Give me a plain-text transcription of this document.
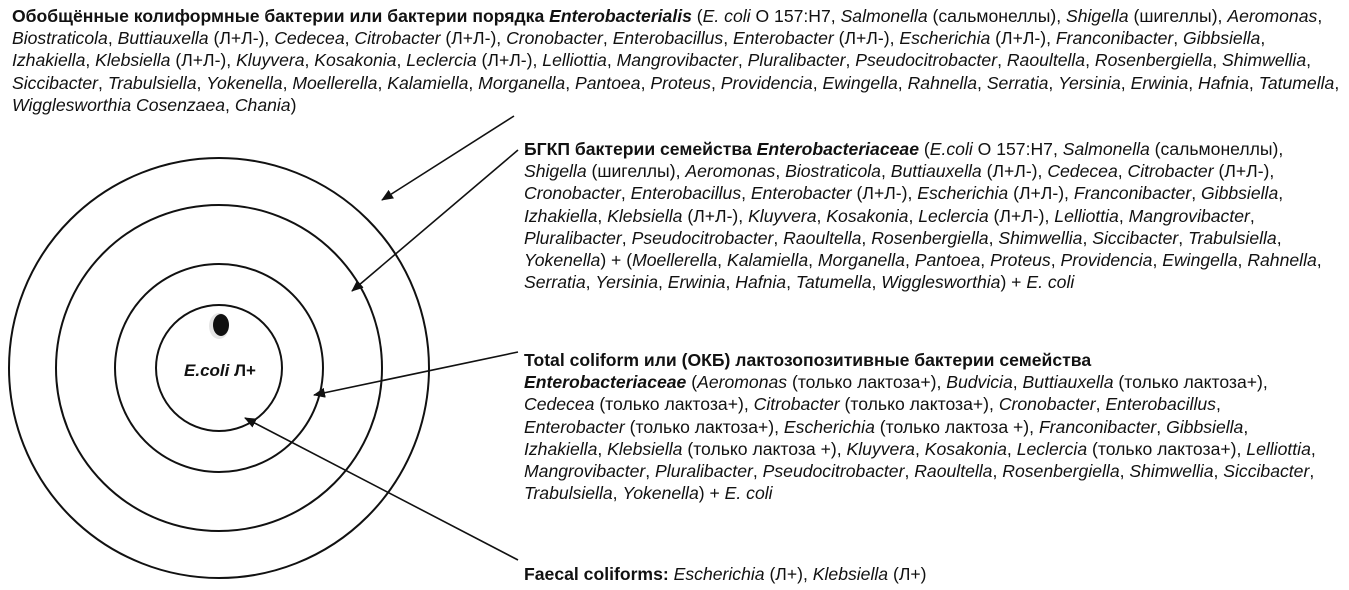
E.coli Л+
Обобщённые колиформные бактерии или бактерии порядка Enterobacterialis (E. coli O 157:H7, Salmonella (сальмонеллы), Shigella (шигеллы), Aeromonas, Biostraticola, Buttiauxella (Л+Л-), Cedecea, Citrobacter (Л+Л-), Cronobacter, Enterobacillus, Enterobacter (Л+Л-), Escherichia (Л+Л-), Franconibacter, Gibbsiella, Izhakiella, Klebsiella (Л+Л-), Kluyvera, Kosakonia, Leclercia (Л+Л-), Lelliottia, Mangrovibacter, Pluralibacter, Pseudocitrobacter, Raoultella, Rosenbergiella, Shimwellia, Siccibacter, Trabulsiella, Yokenella, Moellerella, Kalamiella, Morganella, Pantoea, Proteus, Providencia, Ewingella, Rahnella, Serratia, Yersinia, Erwinia, Hafnia, Tatumella, Wigglesworthia Cosenzaea, Chania)
БГКП бактерии семейства Enterobacteriaceae (E.coli O 157:H7, Salmonella (сальмонеллы), Shigella (шигеллы), Aeromonas, Biostraticola, Buttiauxella (Л+Л-), Cedecea, Citrobacter (Л+Л-), Cronobacter, Enterobacillus, Enterobacter (Л+Л-), Escherichia (Л+Л-), Franconibacter, Gibbsiella, Izhakiella, Klebsiella (Л+Л-), Kluyvera, Kosakonia, Leclercia (Л+Л-), Lelliottia, Mangrovibacter, Pluralibacter, Pseudocitrobacter, Raoultella, Rosenbergiella, Shimwellia, Siccibacter, Trabulsiella, Yokenella) + (Moellerella, Kalamiella, Morganella, Pantoea, Proteus, Providencia, Ewingella, Rahnella, Serratia, Yersinia, Erwinia, Hafnia, Tatumella, Wigglesworthia) + E. coli
Total coliform или (ОКБ) лактозопозитивные бактерии семейства
Enterobacteriaceae (Aeromonas (только лактоза+), Budvicia, Buttiauxella (только лактоза+), Cedecea (только лактоза+), Citrobacter (только лактоза+), Cronobacter, Enterobacillus, Enterobacter (только лактоза+), Escherichia (только лактоза +), Franconibacter, Gibbsiella, Izhakiella, Klebsiella (только лактоза +), Kluyvera, Kosakonia, Leclercia (только лактоза+), Lelliottia, Mangrovibacter, Pluralibacter, Pseudocitrobacter, Raoultella, Rosenbergiella, Shimwellia, Siccibacter, Trabulsiella, Yokenella) + E. coli
Faecal coliforms: Escherichia (Л+), Klebsiella (Л+)
